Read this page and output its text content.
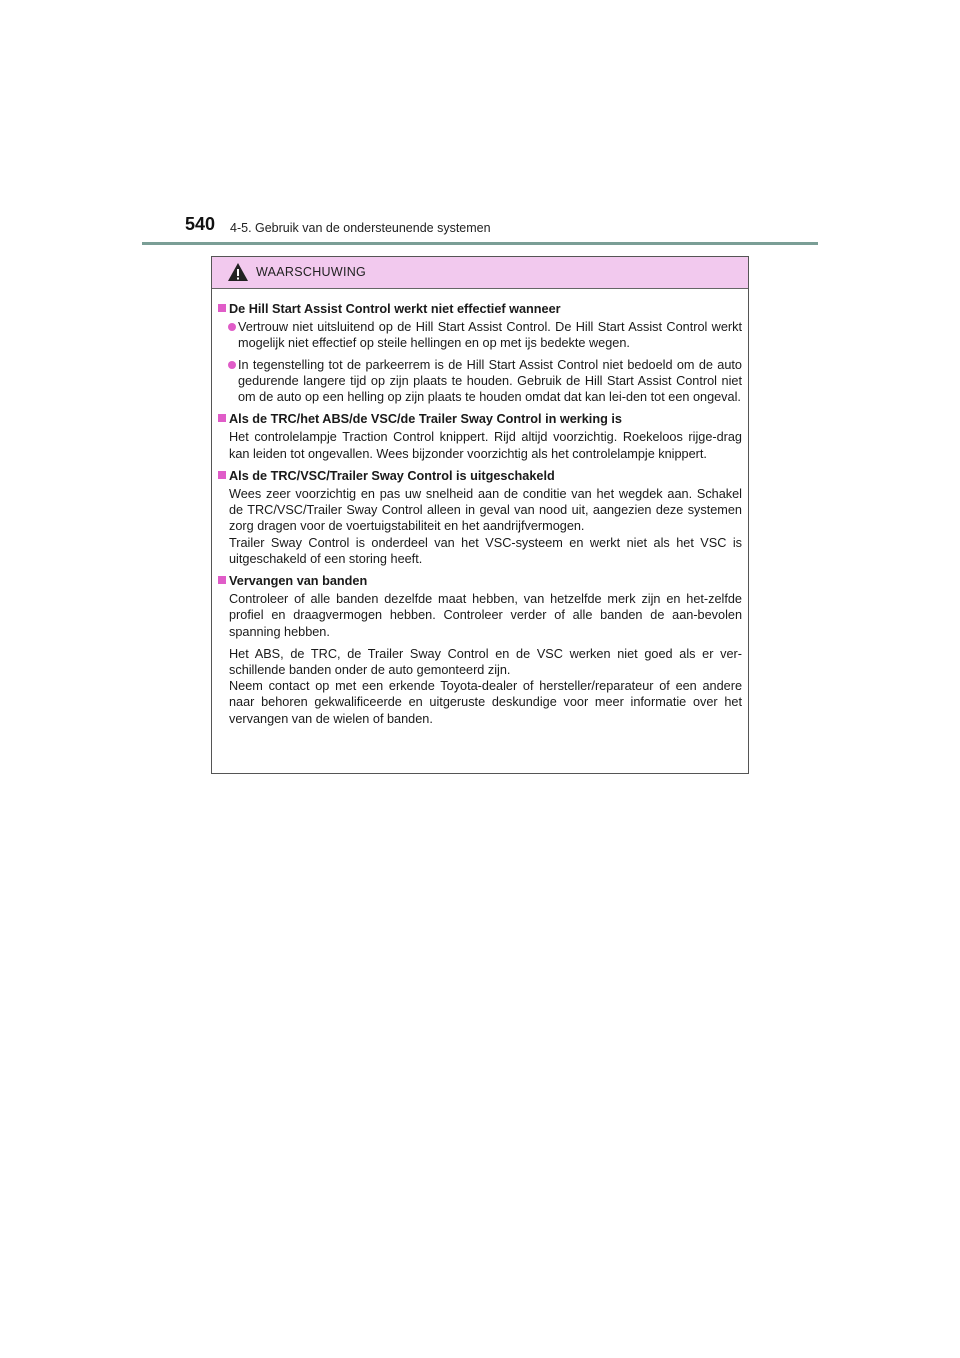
540 4-5. Gebruik van de ondersteunende systemen
WAARSCHUWING
De Hill Start Assist Control werkt niet effectief wanneer
Vertrouw niet uitsluitend op de Hill Start Assist Control. De Hill Start Assist Control werkt mogelijk niet effectief op steile hellingen en op met ijs bedekte wegen.
In tegenstelling tot de parkeerrem is de Hill Start Assist Control niet bedoeld om de auto gedurende langere tijd op zijn plaats te houden. Gebruik de Hill Start Assist Control niet om de auto op een helling op zijn plaats te houden omdat dat kan lei-den tot een ongeval.
Als de TRC/het ABS/de VSC/de Trailer Sway Control in werking is
Het controlelampje Traction Control knippert. Rijd altijd voorzichtig. Roekeloos rijge-drag kan leiden tot ongevallen. Wees bijzonder voorzichtig als het controlelampje knippert.
Als de TRC/VSC/Trailer Sway Control is uitgeschakeld
Wees zeer voorzichtig en pas uw snelheid aan de conditie van het wegdek aan. Schakel de TRC/VSC/Trailer Sway Control alleen in geval van nood uit, aangezien deze systemen zorg dragen voor de voertuigstabiliteit en het aandrijfvermogen.
Trailer Sway Control is onderdeel van het VSC-systeem en werkt niet als het VSC is uitgeschakeld of een storing heeft.
Vervangen van banden
Controleer of alle banden dezelfde maat hebben, van hetzelfde merk zijn en het-zelfde profiel en draagvermogen hebben. Controleer verder of alle banden de aan-bevolen spanning hebben.
Het ABS, de TRC, de Trailer Sway Control en de VSC werken niet goed als er ver-schillende banden onder de auto gemonteerd zijn.
Neem contact op met een erkende Toyota-dealer of hersteller/reparateur of een andere naar behoren gekwalificeerde en uitgeruste deskundige voor meer informatie over het vervangen van de wielen of banden.
